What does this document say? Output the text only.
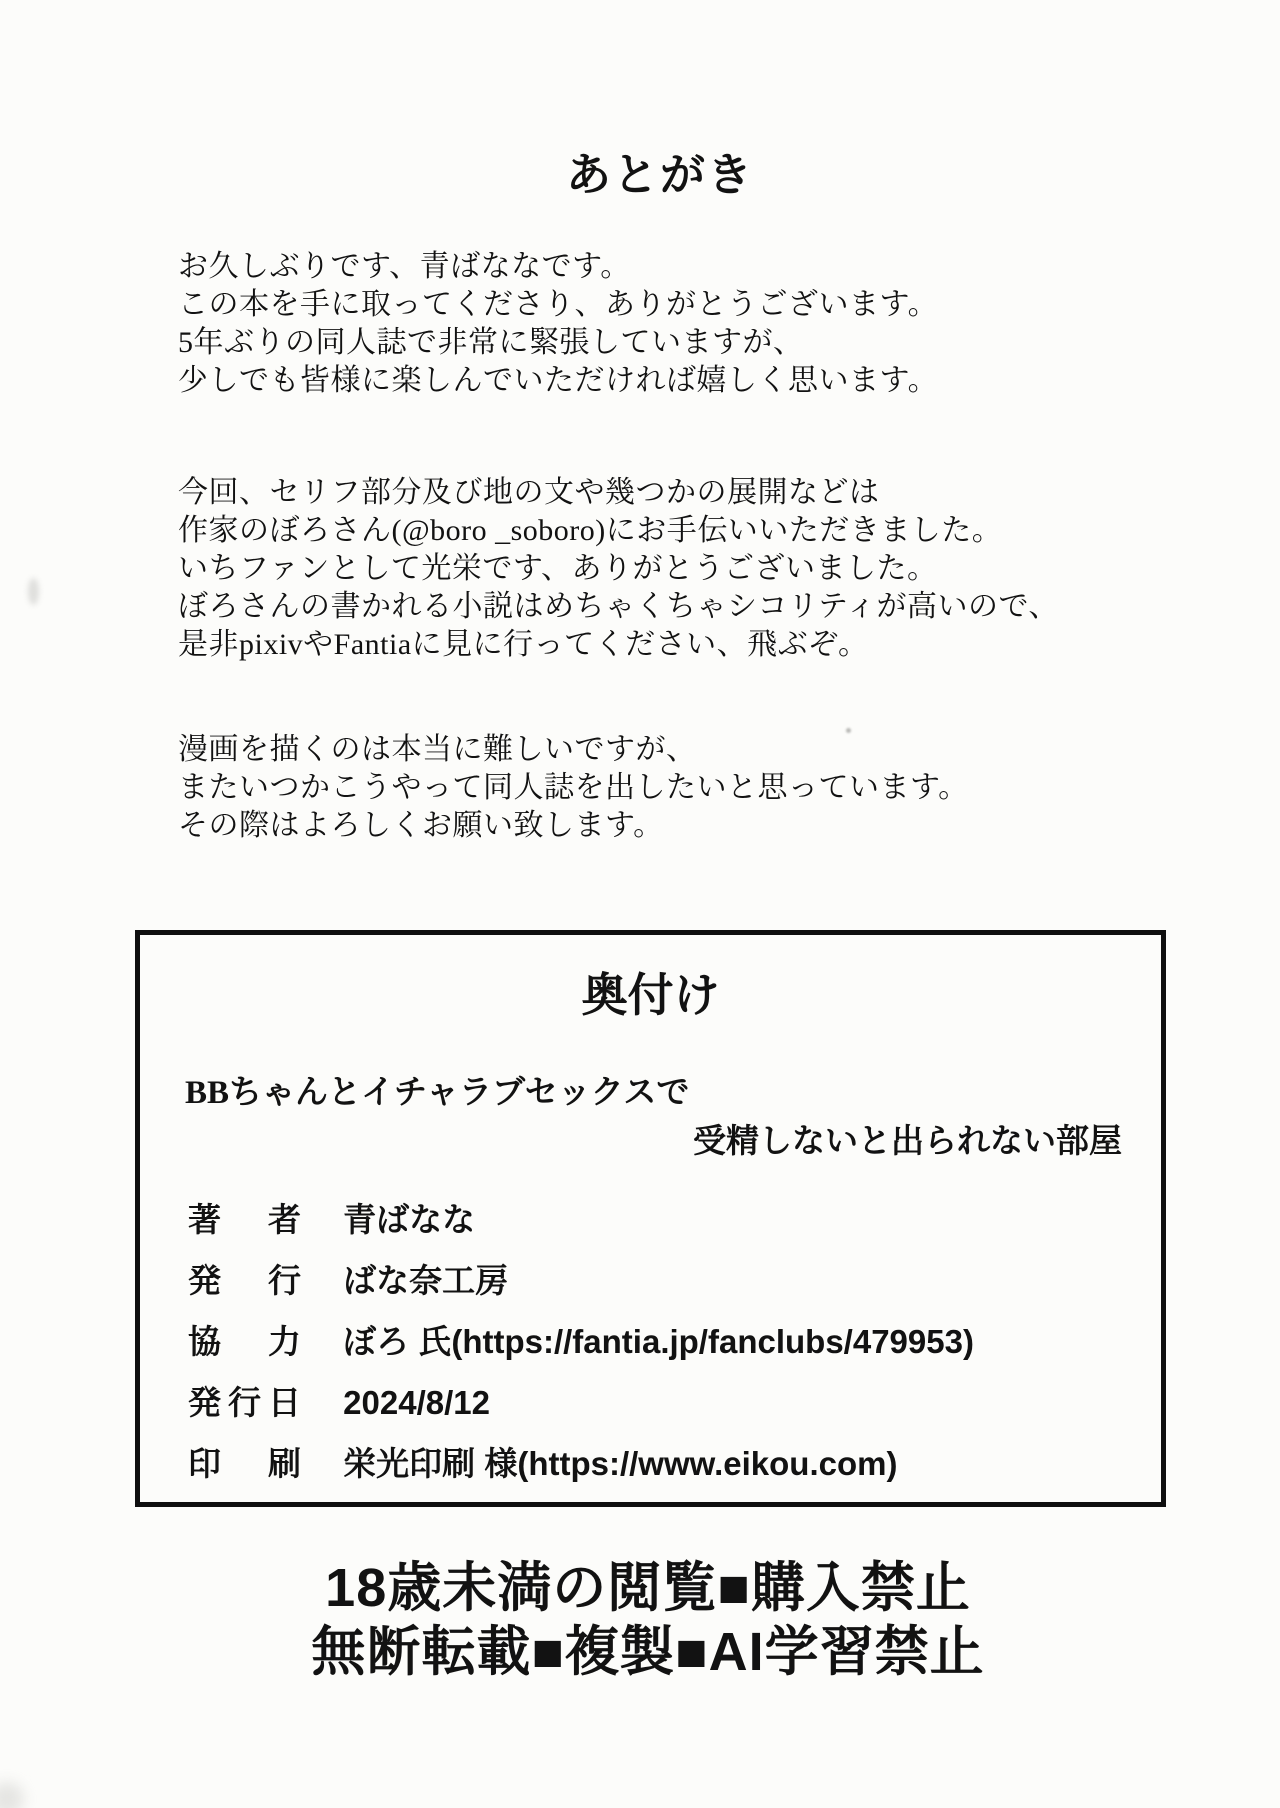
あとがき
お久しぶりです、青ばななです。
この本を手に取ってくださり、ありがとうございます。
5年ぶりの同人誌で非常に緊張していますが、
少しでも皆様に楽しんでいただければ嬉しく思います。
今回、セリフ部分及び地の文や幾つかの展開などは
作家のぼろさん(@boro _soboro)にお手伝いいただきました。
いちファンとして光栄です、ありがとうございました。
ぼろさんの書かれる小説はめちゃくちゃシコリティが高いので、
是非pixivやFantiaに見に行ってください、飛ぶぞ。
漫画を描くのは本当に難しいですが、
またいつかこうやって同人誌を出したいと思っています。
その際はよろしくお願い致します。
奥付け
BBちゃんとイチャラブセックスで
受精しないと出られない部屋
著者 青ばなな
発行 ばな奈工房
協力 ぼろ 氏(https://fantia.jp/fanclubs/479953)
発行日 2024/8/12
印刷 栄光印刷 様(https://www.eikou.com)
18歳未満の閲覧■購入禁止
無断転載■複製■AI学習禁止
